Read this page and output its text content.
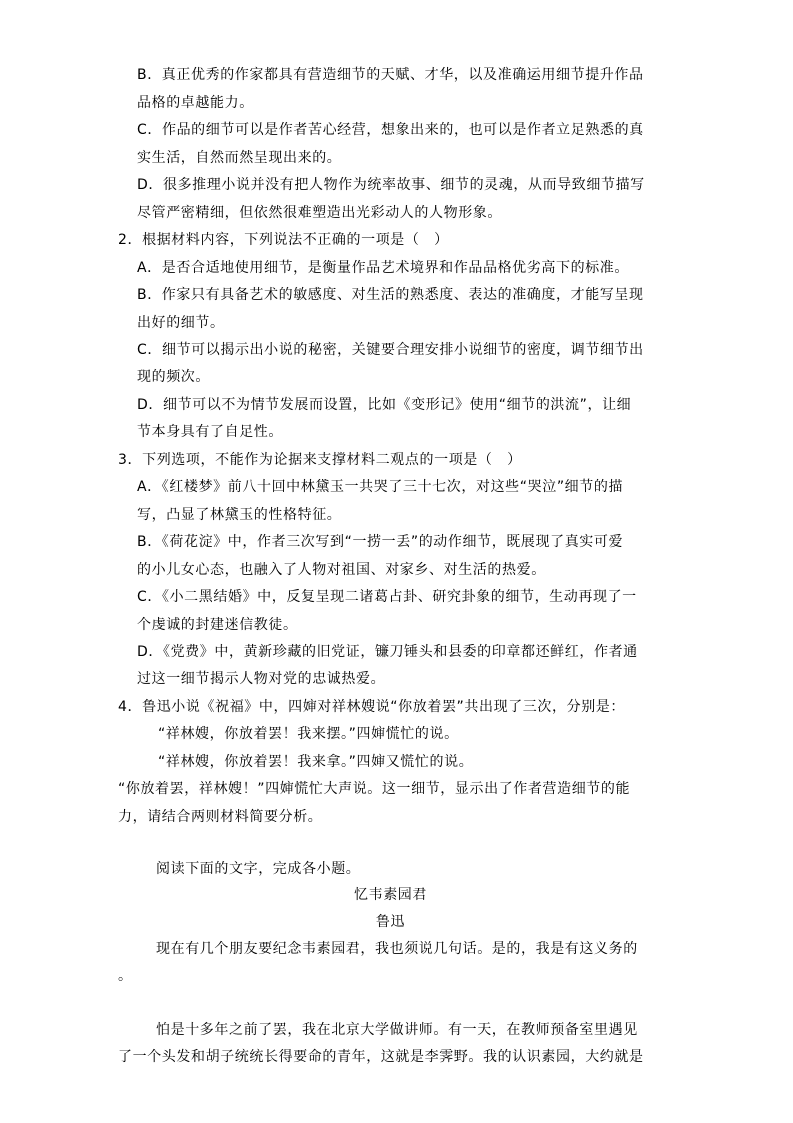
B．真正优秀的作家都具有营造细节的天赋、才华，以及准确运用细节提升作品
品格的卓越能力。
C．作品的细节可以是作者苦心经营，想象出来的，也可以是作者立足熟悉的真
实生活，自然而然呈现出来的。
D．很多推理小说并没有把人物作为统率故事、细节的灵魂，从而导致细节描写
尽管严密精细，但依然很难塑造出光彩动人的人物形象。
2．根据材料内容，下列说法不正确的一项是（　）
A．是否合适地使用细节，是衡量作品艺术境界和作品品格优劣高下的标准。
B．作家只有具备艺术的敏感度、对生活的熟悉度、表达的准确度，才能写呈现
出好的细节。
C．细节可以揭示出小说的秘密，关键要合理安排小说细节的密度，调节细节出
现的频次。
D．细节可以不为情节发展而设置，比如《变形记》使用“细节的洪流”，让细
节本身具有了自足性。
3．下列选项，不能作为论据来支撑材料二观点的一项是（　）
A．《红楼梦》前八十回中林黛玉一共哭了三十七次，对这些“哭泣”细节的描
写，凸显了林黛玉的性格特征。
B．《荷花淀》中，作者三次写到“一捞一丢”的动作细节，既展现了真实可爱
的小儿女心态，也融入了人物对祖国、对家乡、对生活的热爱。
C．《小二黑结婚》中，反复呈现二诸葛占卦、研究卦象的细节，生动再现了一
个虔诚的封建迷信教徒。
D．《党费》中，黄新珍藏的旧党证，镰刀锤头和县委的印章都还鲜红，作者通
过这一细节揭示人物对党的忠诚热爱。
4．鲁迅小说《祝福》中，四婶对祥林嫂说“你放着罢”共出现了三次，分别是：
“祥林嫂，你放着罢！我来摆。”四婶慌忙的说。
“祥林嫂，你放着罢！我来拿。”四婶又慌忙的说。
“你放着罢，祥林嫂！”四婶慌忙大声说。这一细节，显示出了作者营造细节的能
力，请结合两则材料简要分析。
阅读下面的文字，完成各小题。
忆韦素园君
鲁迅
现在有几个朋友要纪念韦素园君，我也须说几句话。是的，我是有这义务的
。
怕是十多年之前了罢，我在北京大学做讲师。有一天，在教师预备室里遇见
了一个头发和胡子统统长得要命的青年，这就是李霁野。我的认识素园，大约就是
